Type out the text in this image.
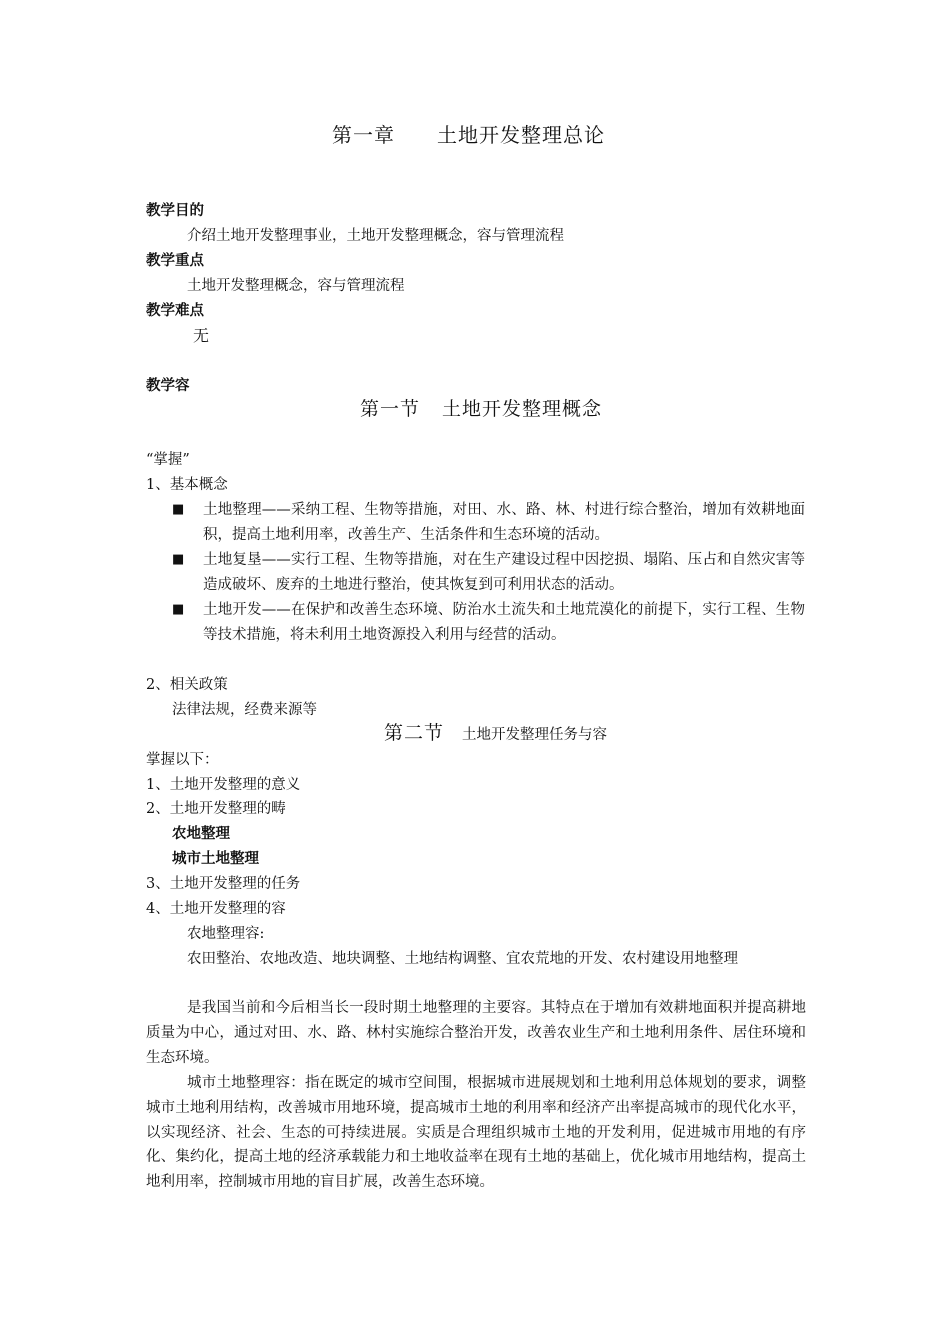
第一章 土地开发整理总论
教学目的
介绍土地开发整理事业，土地开发整理概念，容与管理流程
教学重点
土地开发整理概念，容与管理流程
教学难点
无
教学容
第一节 土地开发整理概念
“掌握”
1、基本概念
■ 土地整理——采纳工程、生物等措施，对田、水、路、林、村进行综合整治，增加有效耕地面积，提高土地利用率，改善生产、生活条件和生态环境的活动。
■ 土地复垦——实行工程、生物等措施，对在生产建设过程中因挖损、塌陷、压占和自然灾害等造成破坏、废弃的土地进行整治，使其恢复到可利用状态的活动。
■ 土地开发——在保护和改善生态环境、防治水土流失和土地荒漠化的前提下，实行工程、生物等技术措施，将未利用土地资源投入利用与经营的活动。
2、相关政策
法律法规，经费来源等
第二节 土地开发整理任务与容
掌握以下：
1、土地开发整理的意义
2、土地开发整理的畴
农地整理
城市土地整理
3、土地开发整理的任务
4、土地开发整理的容
农地整理容:
农田整治、农地改造、地块调整、土地结构调整、宜农荒地的开发、农村建设用地整理
是我国当前和今后相当长一段时期土地整理的主要容。其特点在于增加有效耕地面积并提高耕地质量为中心，通过对田、水、路、林村实施综合整治开发，改善农业生产和土地利用条件、居住环境和生态环境。
城市土地整理容：指在既定的城市空间围，根据城市进展规划和土地利用总体规划的要求，调整城市土地利用结构，改善城市用地环境，提高城市土地的利用率和经济产出率提高城市的现代化水平，以实现经济、社会、生态的可持续进展。实质是合理组织城市土地的开发利用，促进城市用地的有序化、集约化，提高土地的经济承载能力和土地收益率在现有土地的基础上，优化城市用地结构，提高土地利用率，控制城市用地的盲目扩展，改善生态环境。
